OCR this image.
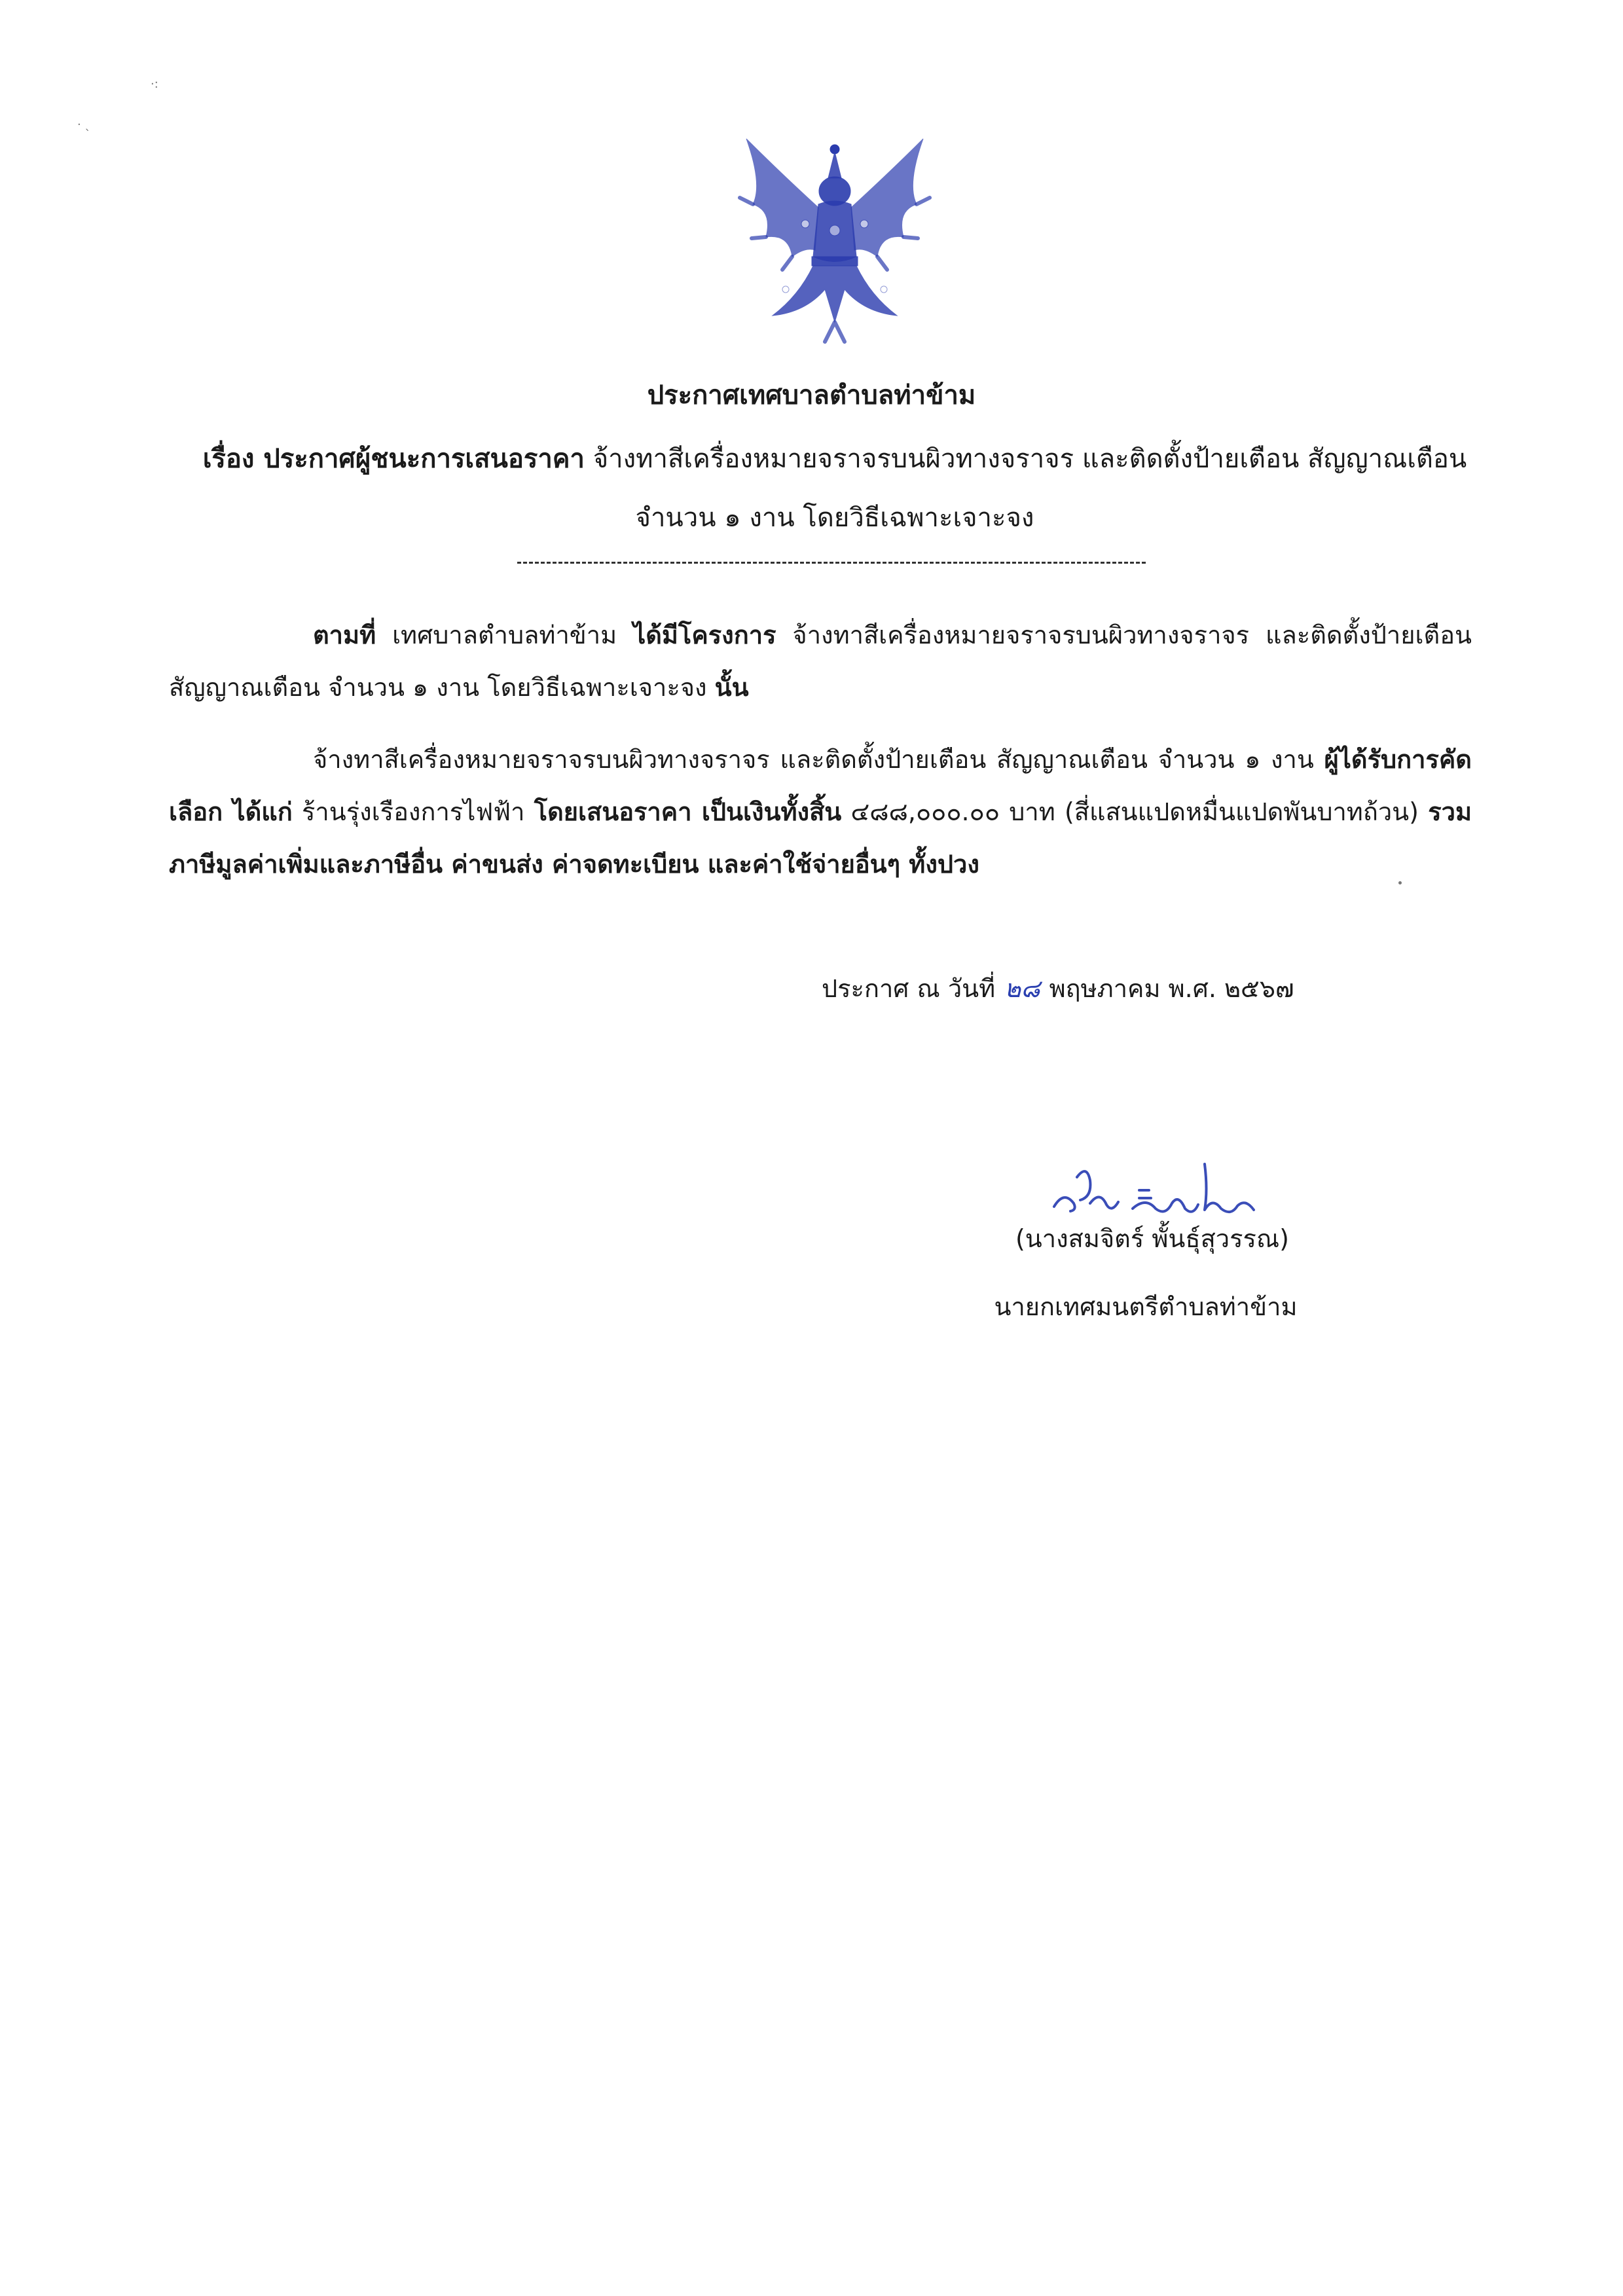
·:
· ˎ
ประกาศเทศบาลตำบลท่าข้าม
เรื่อง ประกาศผู้ชนะการเสนอราคา จ้างทาสีเครื่องหมายจราจรบนผิวทางจราจร และติดตั้งป้ายเตือน สัญญาณเตือน จำนวน ๑ งาน โดยวิธีเฉพาะเจาะจง
ตามที่ เทศบาลตำบลท่าข้าม ได้มีโครงการ จ้างทาสีเครื่องหมายจราจรบนผิวทางจราจร และติดตั้งป้ายเตือน สัญญาณเตือน จำนวน ๑ งาน โดยวิธีเฉพาะเจาะจง นั้น
จ้างทาสีเครื่องหมายจราจรบนผิวทางจราจร และติดตั้งป้ายเตือน สัญญาณเตือน จำนวน ๑ งาน ผู้ได้รับการคัดเลือก ได้แก่ ร้านรุ่งเรืองการไฟฟ้า โดยเสนอราคา เป็นเงินทั้งสิ้น ๔๘๘,๐๐๐.๐๐ บาท (สี่แสนแปดหมื่นแปดพันบาทถ้วน) รวมภาษีมูลค่าเพิ่มและภาษีอื่น ค่าขนส่ง ค่าจดทะเบียน และค่าใช้จ่ายอื่นๆ ทั้งปวง
ประกาศ ณ วันที่ ๒๘ พฤษภาคม พ.ศ. ๒๕๖๗
(นางสมจิตร์ พั้นธุ์สุวรรณ)
นายกเทศมนตรีตำบลท่าข้าม
